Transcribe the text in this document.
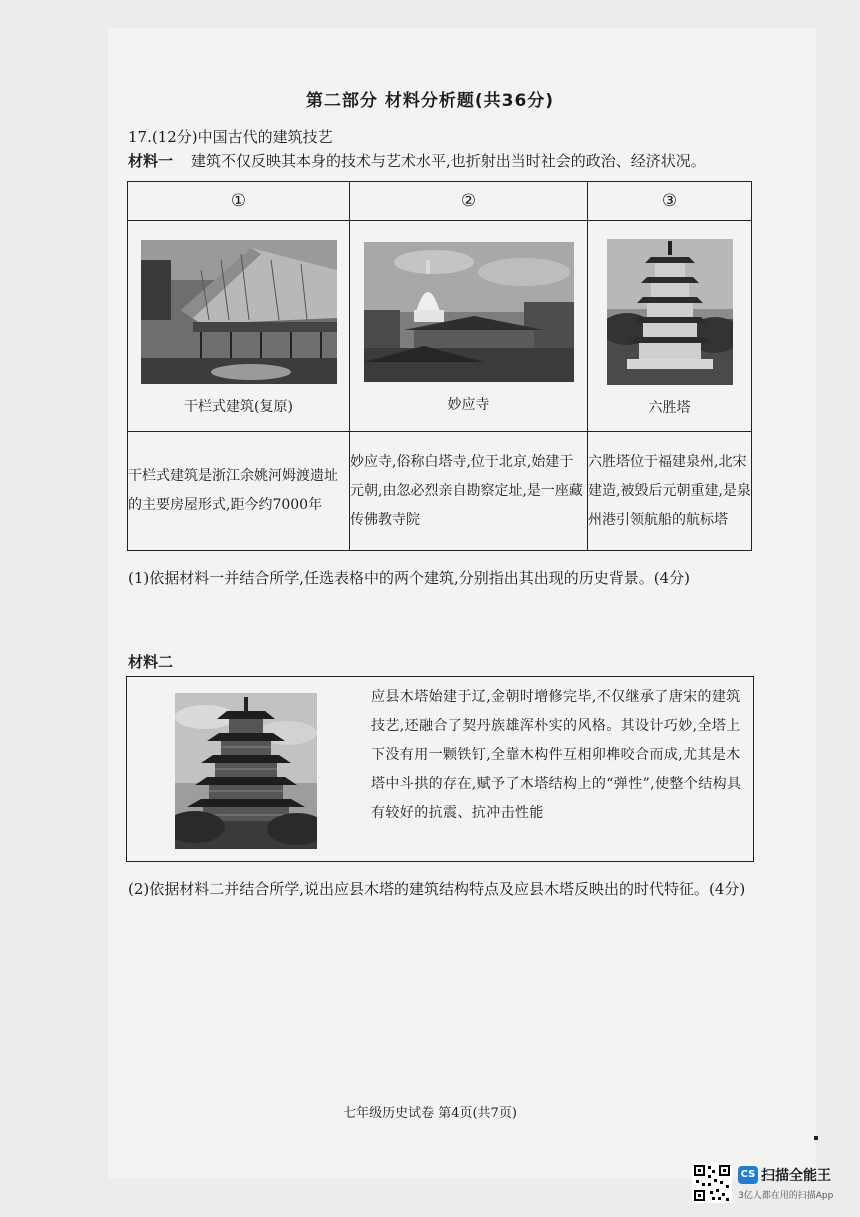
第二部分 材料分析题(共36分)
17.(12分)中国古代的建筑技艺
材料一 建筑不仅反映其本身的技术与艺术水平,也折射出当时社会的政治、经济状况。
①	②	③

干栏式建筑(复原)	妙应寺	六胜塔

干栏式建筑是浙江余姚河姆渡遗址的主要房屋形式,距今约7000年	妙应寺,俗称白塔寺,位于北京,始建于元朝,由忽必烈亲自勘察定址,是一座藏传佛教寺院	六胜塔位于福建泉州,北宋建造,被毁后元朝重建,是泉州港引领航船的航标塔
(1)依据材料一并结合所学,任选表格中的两个建筑,分别指出其出现的历史背景。(4分)
材料二
应县木塔始建于辽,金朝时增修完毕,不仅继承了唐宋的建筑技艺,还融合了契丹族雄浑朴实的风格。其设计巧妙,全塔上下没有用一颗铁钉,全靠木构件互相卯榫咬合而成,尤其是木塔中斗拱的存在,赋予了木塔结构上的“弹性”,使整个结构具有较好的抗震、抗冲击性能
(2)依据材料二并结合所学,说出应县木塔的建筑结构特点及应县木塔反映出的时代特征。(4分)
七年级历史试卷 第4页(共7页)
CS 扫描全能王
3亿人都在用的扫描App
